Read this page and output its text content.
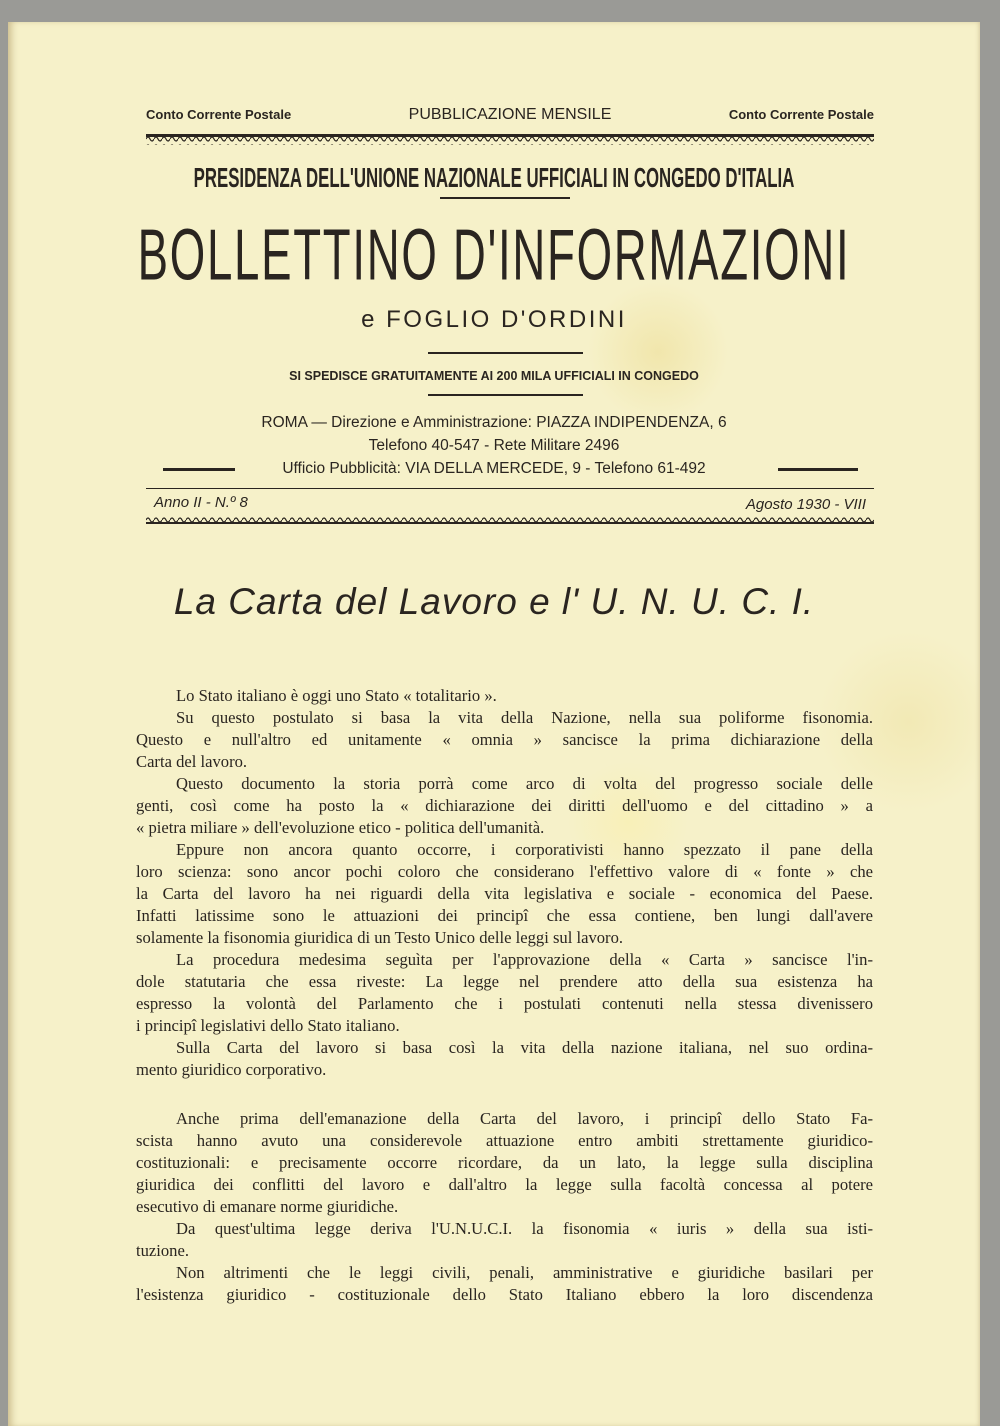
Conto Corrente Postale	PUBBLICAZIONE MENSILE	Conto Corrente Postale
PRESIDENZA DELL'UNIONE NAZIONALE UFFICIALI IN CONGEDO D'ITALIA
BOLLETTINO D'INFORMAZIONI
e FOGLIO D'ORDINI
SI SPEDISCE GRATUITAMENTE AI 200 MILA UFFICIALI IN CONGEDO
ROMA — Direzione e Amministrazione: PIAZZA INDIPENDENZA, 6
Telefono 40-547 - Rete Militare 2496
Ufficio Pubblicità: VIA DELLA MERCEDE, 9 - Telefono 61-492
Anno II - N.º 8	Agosto 1930 - VIII
La Carta del Lavoro e l' U. N. U. C. I.
Lo Stato italiano è oggi uno Stato « totalitario ».
Su questo postulato si basa la vita della Nazione, nella sua poliforme fisonomia.
Questo e null'altro ed unitamente « omnia » sancisce la prima dichiarazione della
Carta del lavoro.
Questo documento la storia porrà come arco di volta del progresso sociale delle
genti, così come ha posto la « dichiarazione dei diritti dell'uomo e del cittadino » a
« pietra miliare » dell'evoluzione etico - politica dell'umanità.
Eppure non ancora quanto occorre, i corporativisti hanno spezzato il pane della
loro scienza: sono ancor pochi coloro che considerano l'effettivo valore di « fonte » che
la Carta del lavoro ha nei riguardi della vita legislativa e sociale - economica del Paese.
Infatti latissime sono le attuazioni dei principî che essa contiene, ben lungi dall'avere
solamente la fisonomia giuridica di un Testo Unico delle leggi sul lavoro.
La procedura medesima seguìta per l'approvazione della « Carta » sancisce l'in-
dole statutaria che essa riveste: La legge nel prendere atto della sua esistenza ha
espresso la volontà del Parlamento che i postulati contenuti nella stessa divenissero
i principî legislativi dello Stato italiano.
Sulla Carta del lavoro si basa così la vita della nazione italiana, nel suo ordina-
mento giuridico corporativo.
Anche prima dell'emanazione della Carta del lavoro, i principî dello Stato Fa-
scista hanno avuto una considerevole attuazione entro ambiti strettamente giuridico-
costituzionali: e precisamente occorre ricordare, da un lato, la legge sulla disciplina
giuridica dei conflitti del lavoro e dall'altro la legge sulla facoltà concessa al potere
esecutivo di emanare norme giuridiche.
Da quest'ultima legge deriva l'U.N.U.C.I. la fisonomia « iuris » della sua isti-
tuzione.
Non altrimenti che le leggi civili, penali, amministrative e giuridiche basilari per
l'esistenza giuridico - costituzionale dello Stato Italiano ebbero la loro discendenza
